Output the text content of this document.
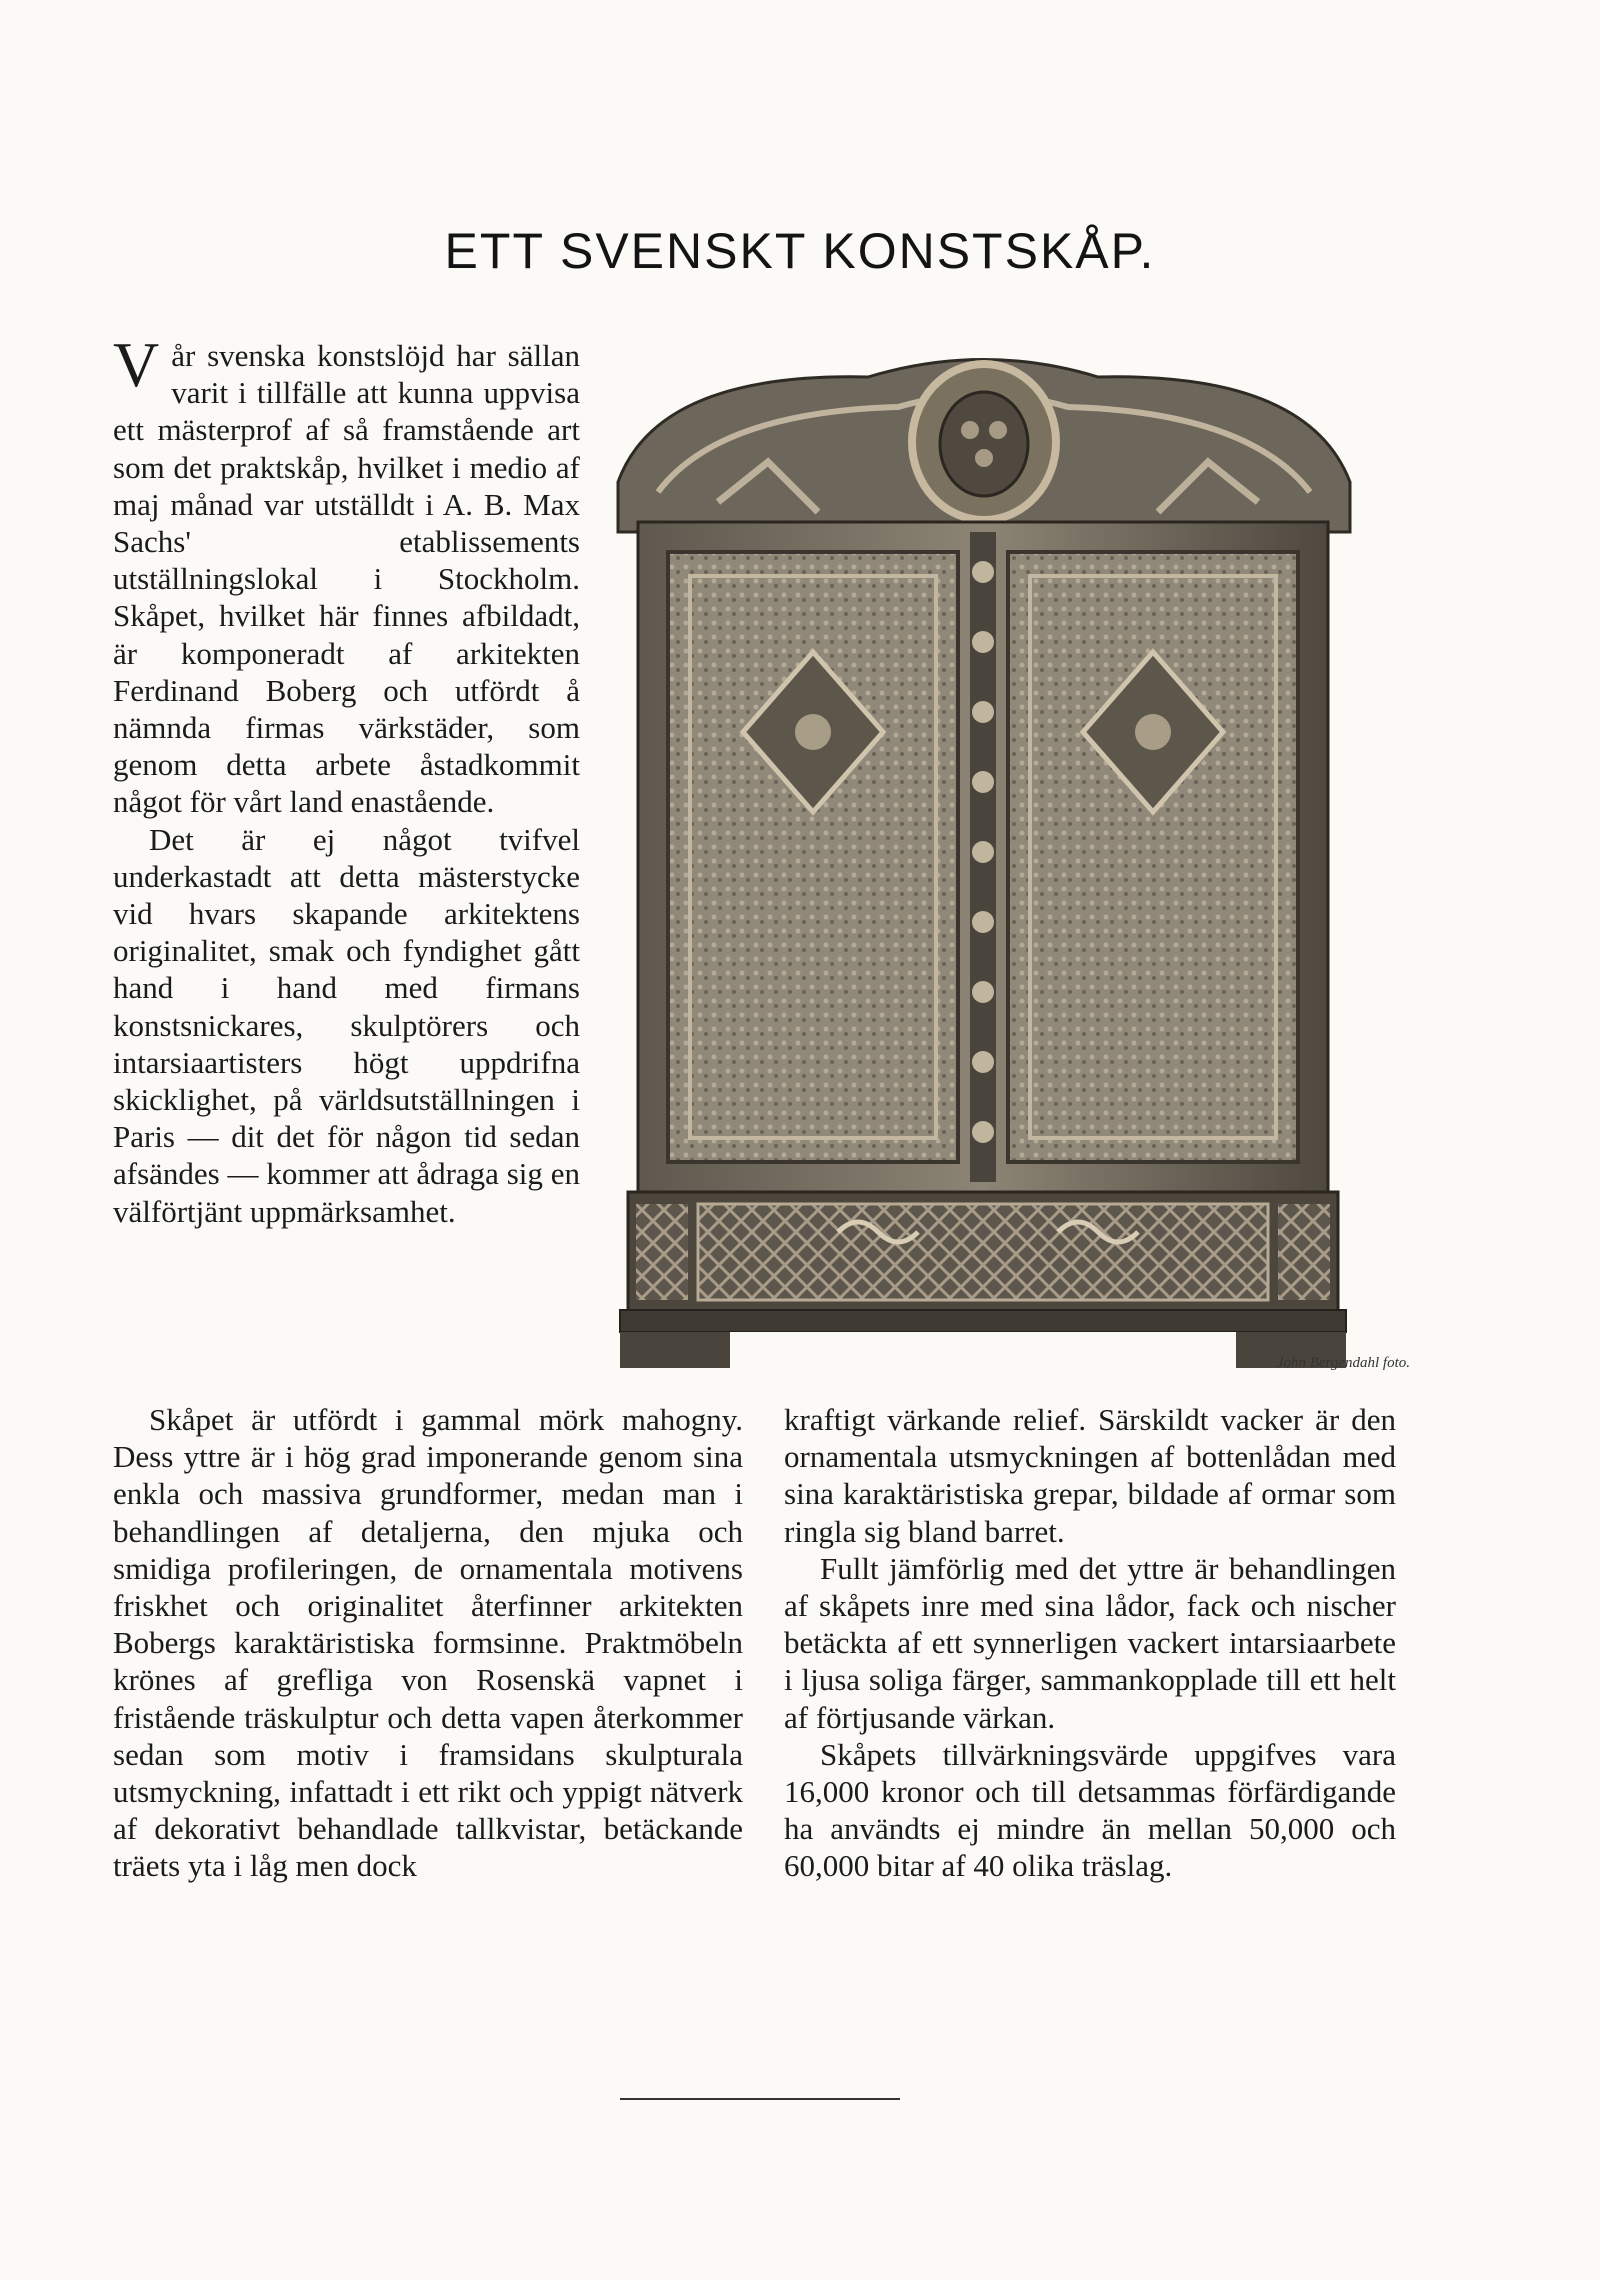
ETT SVENSKT KONSTSKÅP.

Vår svenska konstslöjd har sällan varit i tillfälle att kunna uppvisa ett mästerprof af så framstående art som det praktskåp, hvilket i medio af maj månad var utställdt i A. B. Max Sachs' etablissements utställningslokal i Stockholm. Skåpet, hvilket här finnes afbildadt, är komponeradt af arkitekten Ferdinand Boberg och utfördt å nämnda firmas värkstäder, som genom detta arbete åstadkommit något för vårt land enastående.

Det är ej något tvifvel underkastadt att detta mästerstycke vid hvars skapande arkitektens originalitet, smak och fyndighet gått hand i hand med firmans konstsnickares, skulptörers och intarsiaartisters högt uppdrifna skicklighet, på världsutställningen i Paris — dit det för någon tid sedan afsändes — kommer att ådraga sig en välförtjänt uppmärksamhet.

John Bergendahl foto.

Skåpet är utfördt i gammal mörk mahogny. Dess yttre är i hög grad imponerande genom sina enkla och massiva grundformer, medan man i behandlingen af detaljerna, den mjuka och smidiga profileringen, de ornamentala motivens friskhet och originalitet återfinner arkitekten Bobergs karaktäristiska formsinne. Praktmöbeln krönes af grefliga von Rosenskä vapnet i fristående träskulptur och detta vapen återkommer sedan som motiv i framsidans skulpturala utsmyckning, infattadt i ett rikt och yppigt nätverk af dekorativt behandlade tallkvistar, betäckande träets yta i låg men dock

kraftigt värkande relief. Särskildt vacker är den ornamentala utsmyckningen af bottenlådan med sina karaktäristiska grepar, bildade af ormar som ringla sig bland barret.

Fullt jämförlig med det yttre är behandlingen af skåpets inre med sina lådor, fack och nischer betäckta af ett synnerligen vackert intarsiaarbete i ljusa soliga färger, sammankopplade till ett helt af förtjusande värkan.

Skåpets tillvärkningsvärde uppgifves vara 16,000 kronor och till detsammas förfärdigande ha användts ej mindre än mellan 50,000 och 60,000 bitar af 40 olika träslag.
